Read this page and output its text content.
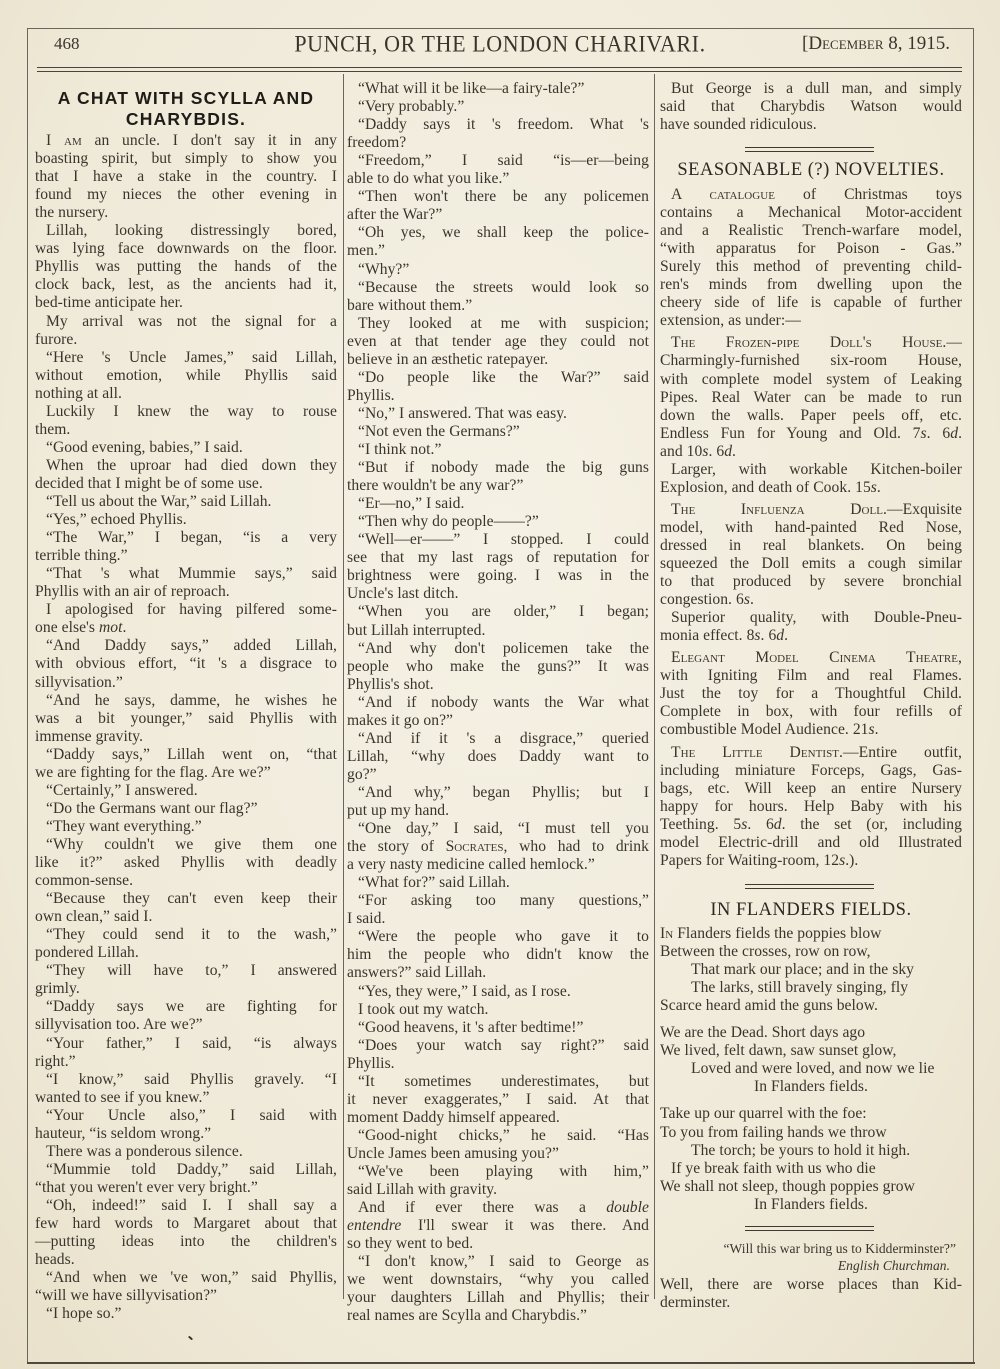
468	PUNCH, OR THE LONDON CHARIVARI.	[December 8, 1915.
A CHAT WITH SCYLLA AND
CHARYBDIS.
I am an uncle. I don't say it in any
boasting spirit, but simply to show you
that I have a stake in the country. I
found my nieces the other evening in
the nursery.
Lillah, looking distressingly bored,
was lying face downwards on the floor.
Phyllis was putting the hands of the
clock back, lest, as the ancients had it,
bed-time anticipate her.
My arrival was not the signal for a
furore.
“Here 's Uncle James,” said Lillah,
without emotion, while Phyllis said
nothing at all.
Luckily I knew the way to rouse
them.
“Good evening, babies,” I said.
When the uproar had died down they
decided that I might be of some use.
“Tell us about the War,” said Lillah.
“Yes,” echoed Phyllis.
“The War,” I began, “is a very
terrible thing.”
“That 's what Mummie says,” said
Phyllis with an air of reproach.
I apologised for having pilfered some-
one else's mot.
“And Daddy says,” added Lillah,
with obvious effort, “it 's a disgrace to
sillyvisation.”
“And he says, damme, he wishes he
was a bit younger,” said Phyllis with
immense gravity.
“Daddy says,” Lillah went on, “that
we are fighting for the flag. Are we?”
“Certainly,” I answered.
“Do the Germans want our flag?”
“They want everything.”
“Why couldn't we give them one
like it?” asked Phyllis with deadly
common-sense.
“Because they can't even keep their
own clean,” said I.
“They could send it to the wash,”
pondered Lillah.
“They will have to,” I answered
grimly.
“Daddy says we are fighting for
sillyvisation too. Are we?”
“Your father,” I said, “is always
right.”
“I know,” said Phyllis gravely. “I
wanted to see if you knew.”
“Your Uncle also,” I said with
hauteur, “is seldom wrong.”
There was a ponderous silence.
“Mummie told Daddy,” said Lillah,
“that you weren't ever very bright.”
“Oh, indeed!” said I. I shall say a
few hard words to Margaret about that
—putting ideas into the children's
heads.
“And when we 've won,” said Phyllis,
“will we have sillyvisation?”
“I hope so.”
“What will it be like—a fairy-tale?”
“Very probably.”
“Daddy says it 's freedom. What 's
freedom?
“Freedom,” I said “is—er—being
able to do what you like.”
“Then won't there be any policemen
after the War?”
“Oh yes, we shall keep the police-
men.”
“Why?”
“Because the streets would look so
bare without them.”
They looked at me with suspicion;
even at that tender age they could not
believe in an æsthetic ratepayer.
“Do people like the War?” said
Phyllis.
“No,” I answered. That was easy.
“Not even the Germans?”
“I think not.”
“But if nobody made the big guns
there wouldn't be any war?”
“Er—no,” I said.
“Then why do people——?”
“Well—er——” I stopped. I could
see that my last rags of reputation for
brightness were going. I was in the
Uncle's last ditch.
“When you are older,” I began;
but Lillah interrupted.
“And why don't policemen take the
people who make the guns?” It was
Phyllis's shot.
“And if nobody wants the War what
makes it go on?”
“And if it 's a disgrace,” queried
Lillah, “why does Daddy want to
go?”
“And why,” began Phyllis; but I
put up my hand.
“One day,” I said, “I must tell you
the story of Socrates, who had to drink
a very nasty medicine called hemlock.”
“What for?” said Lillah.
“For asking too many questions,”
I said.
“Were the people who gave it to
him the people who didn't know the
answers?” said Lillah.
“Yes, they were,” I said, as I rose.
I took out my watch.
“Good heavens, it 's after bedtime!”
“Does your watch say right?” said
Phyllis.
“It sometimes underestimates, but
it never exaggerates,” I said. At that
moment Daddy himself appeared.
“Good-night chicks,” he said. “Has
Uncle James been amusing you?”
“We've been playing with him,”
said Lillah with gravity.
And if ever there was a double
entendre I'll swear it was there. And
so they went to bed.
“I don't know,” I said to George as
we went downstairs, “why you called
your daughters Lillah and Phyllis; their
real names are Scylla and Charybdis.”
But George is a dull man, and simply
said that Charybdis Watson would
have sounded ridiculous.
SEASONABLE (?) NOVELTIES.
A catalogue of Christmas toys
contains a Mechanical Motor-accident
and a Realistic Trench-warfare model,
“with apparatus for Poison - Gas.”
Surely this method of preventing child-
ren's minds from dwelling upon the
cheery side of life is capable of further
extension, as under:—
The Frozen-pipe Doll's House.—
Charmingly-furnished six-room House,
with complete model system of Leaking
Pipes. Real Water can be made to run
down the walls. Paper peels off, etc.
Endless Fun for Young and Old. 7s. 6d.
and 10s. 6d.
Larger, with workable Kitchen-boiler
Explosion, and death of Cook. 15s.
The Influenza Doll.—Exquisite
model, with hand-painted Red Nose,
dressed in real blankets. On being
squeezed the Doll emits a cough similar
to that produced by severe bronchial
congestion. 6s.
Superior quality, with Double-Pneu-
monia effect. 8s. 6d.
Elegant Model Cinema Theatre,
with Igniting Film and real Flames.
Just the toy for a Thoughtful Child.
Complete in box, with four refills of
combustible Model Audience. 21s.
The Little Dentist.—Entire outfit,
including miniature Forceps, Gags, Gas-
bags, etc. Will keep an entire Nursery
happy for hours. Help Baby with his
Teething. 5s. 6d. the set (or, including
model Electric-drill and old Illustrated
Papers for Waiting-room, 12s.).
IN FLANDERS FIELDS.
In Flanders fields the poppies blow
Between the crosses, row on row,
That mark our place; and in the sky
The larks, still bravely singing, fly
Scarce heard amid the guns below.
We are the Dead. Short days ago
We lived, felt dawn, saw sunset glow,
Loved and were loved, and now we lie
In Flanders fields.
Take up our quarrel with the foe:
To you from failing hands we throw
The torch; be yours to hold it high.
If ye break faith with us who die
We shall not sleep, though poppies grow
In Flanders fields.
“Will this war bring us to Kidderminster?”
English Churchman.
Well, there are worse places than Kid-
derminster.
